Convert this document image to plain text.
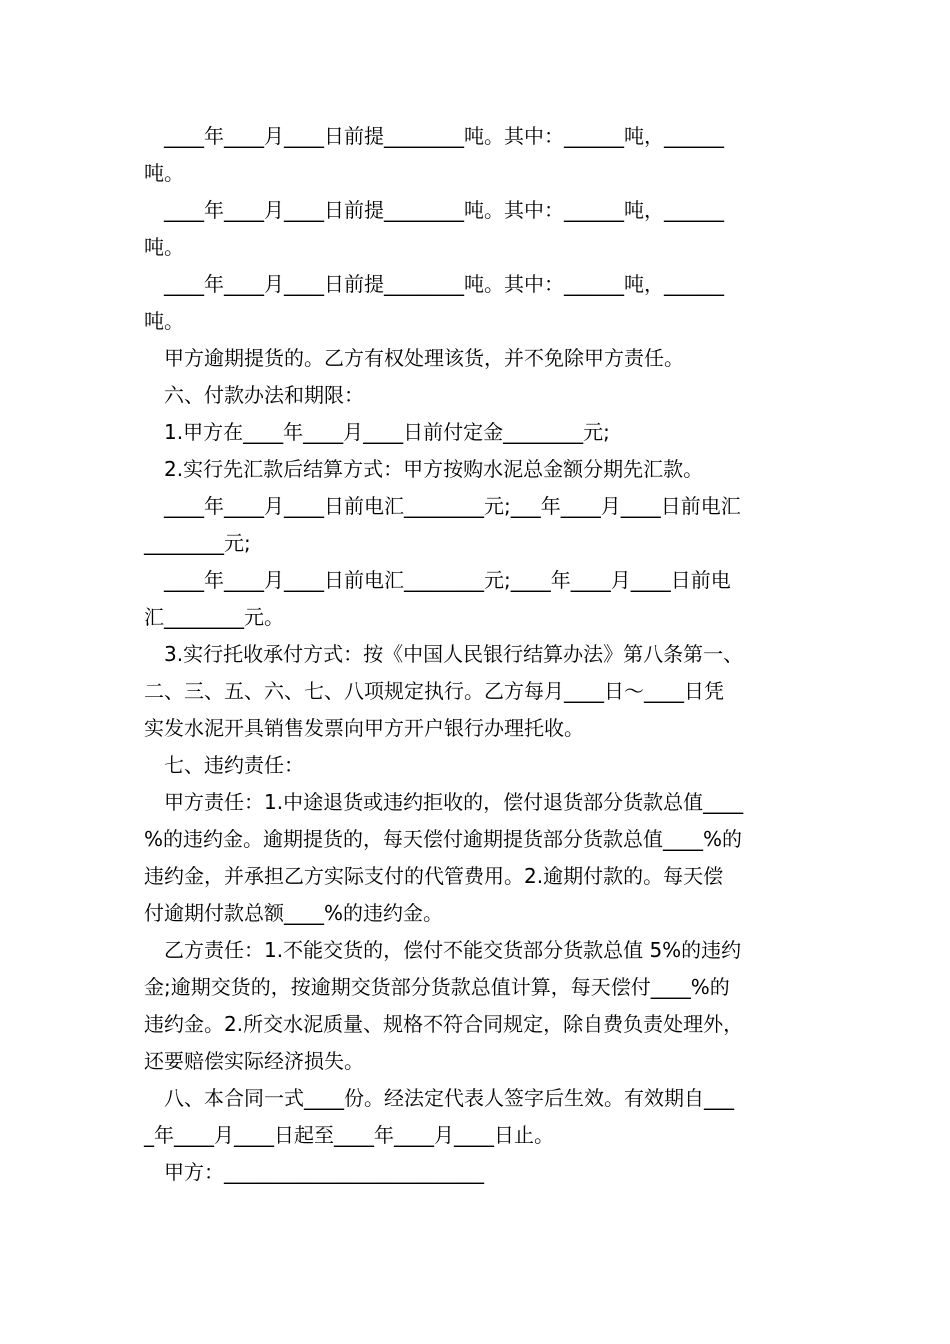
____年____月____日前提________吨。其中：______吨，______
吨。
____年____月____日前提________吨。其中：______吨，______
吨。
____年____月____日前提________吨。其中：______吨，______
吨。
甲方逾期提货的。乙方有权处理该货，并不免除甲方责任。
六、付款办法和期限：
1.甲方在____年____月____日前付定金________元;
2.实行先汇款后结算方式：甲方按购水泥总金额分期先汇款。
____年____月____日前电汇________元;___年____月____日前电汇
________元;
____年____月____日前电汇________元;____年____月____日前电
汇________元。
3.实行托收承付方式：按《中国人民银行结算办法》第八条第一、
二、三、五、六、七、八项规定执行。乙方每月____日～____日凭
实发水泥开具销售发票向甲方开户银行办理托收。
七、违约责任：
甲方责任：1.中途退货或违约拒收的，偿付退货部分货款总值____
%的违约金。逾期提货的，每天偿付逾期提货部分货款总值____%的
违约金，并承担乙方实际支付的代管费用。2.逾期付款的。每天偿
付逾期付款总额____%的违约金。
乙方责任：1.不能交货的，偿付不能交货部分货款总值 5%的违约
金;逾期交货的，按逾期交货部分货款总值计算，每天偿付____%的
违约金。2.所交水泥质量、规格不符合同规定，除自费负责处理外，
还要赔偿实际经济损失。
八、本合同一式____份。经法定代表人签字后生效。有效期自___
_年____月____日起至____年____月____日止。
甲方：__________________________
